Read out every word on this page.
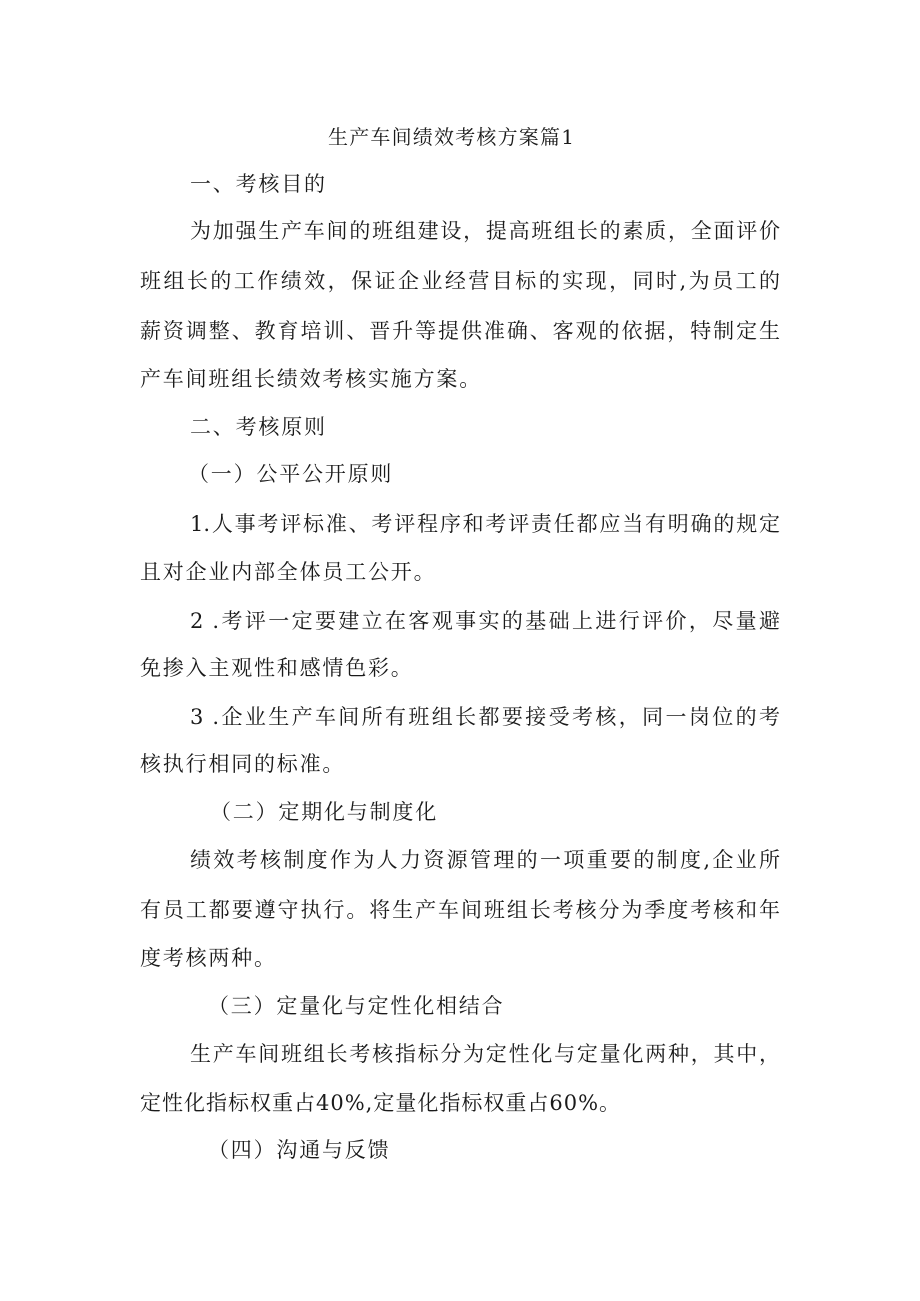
生产车间绩效考核方案篇1
一、考核目的
为加强生产车间的班组建设，提高班组长的素质，全面评价
班组长的工作绩效，保证企业经营目标的实现，同时,为员工的
薪资调整、教育培训、晋升等提供准确、客观的依据，特制定生
产车间班组长绩效考核实施方案。
二、考核原则
（一）公平公开原则
1.人事考评标准、考评程序和考评责任都应当有明确的规定
且对企业内部全体员工公开。
2 .考评一定要建立在客观事实的基础上进行评价，尽量避
免掺入主观性和感情色彩。
3 .企业生产车间所有班组长都要接受考核，同一岗位的考
核执行相同的标准。
（二）定期化与制度化
绩效考核制度作为人力资源管理的一项重要的制度,企业所
有员工都要遵守执行。将生产车间班组长考核分为季度考核和年
度考核两种。
（三）定量化与定性化相结合
生产车间班组长考核指标分为定性化与定量化两种，其中，
定性化指标权重占40%,定量化指标权重占60%。
（四）沟通与反馈
